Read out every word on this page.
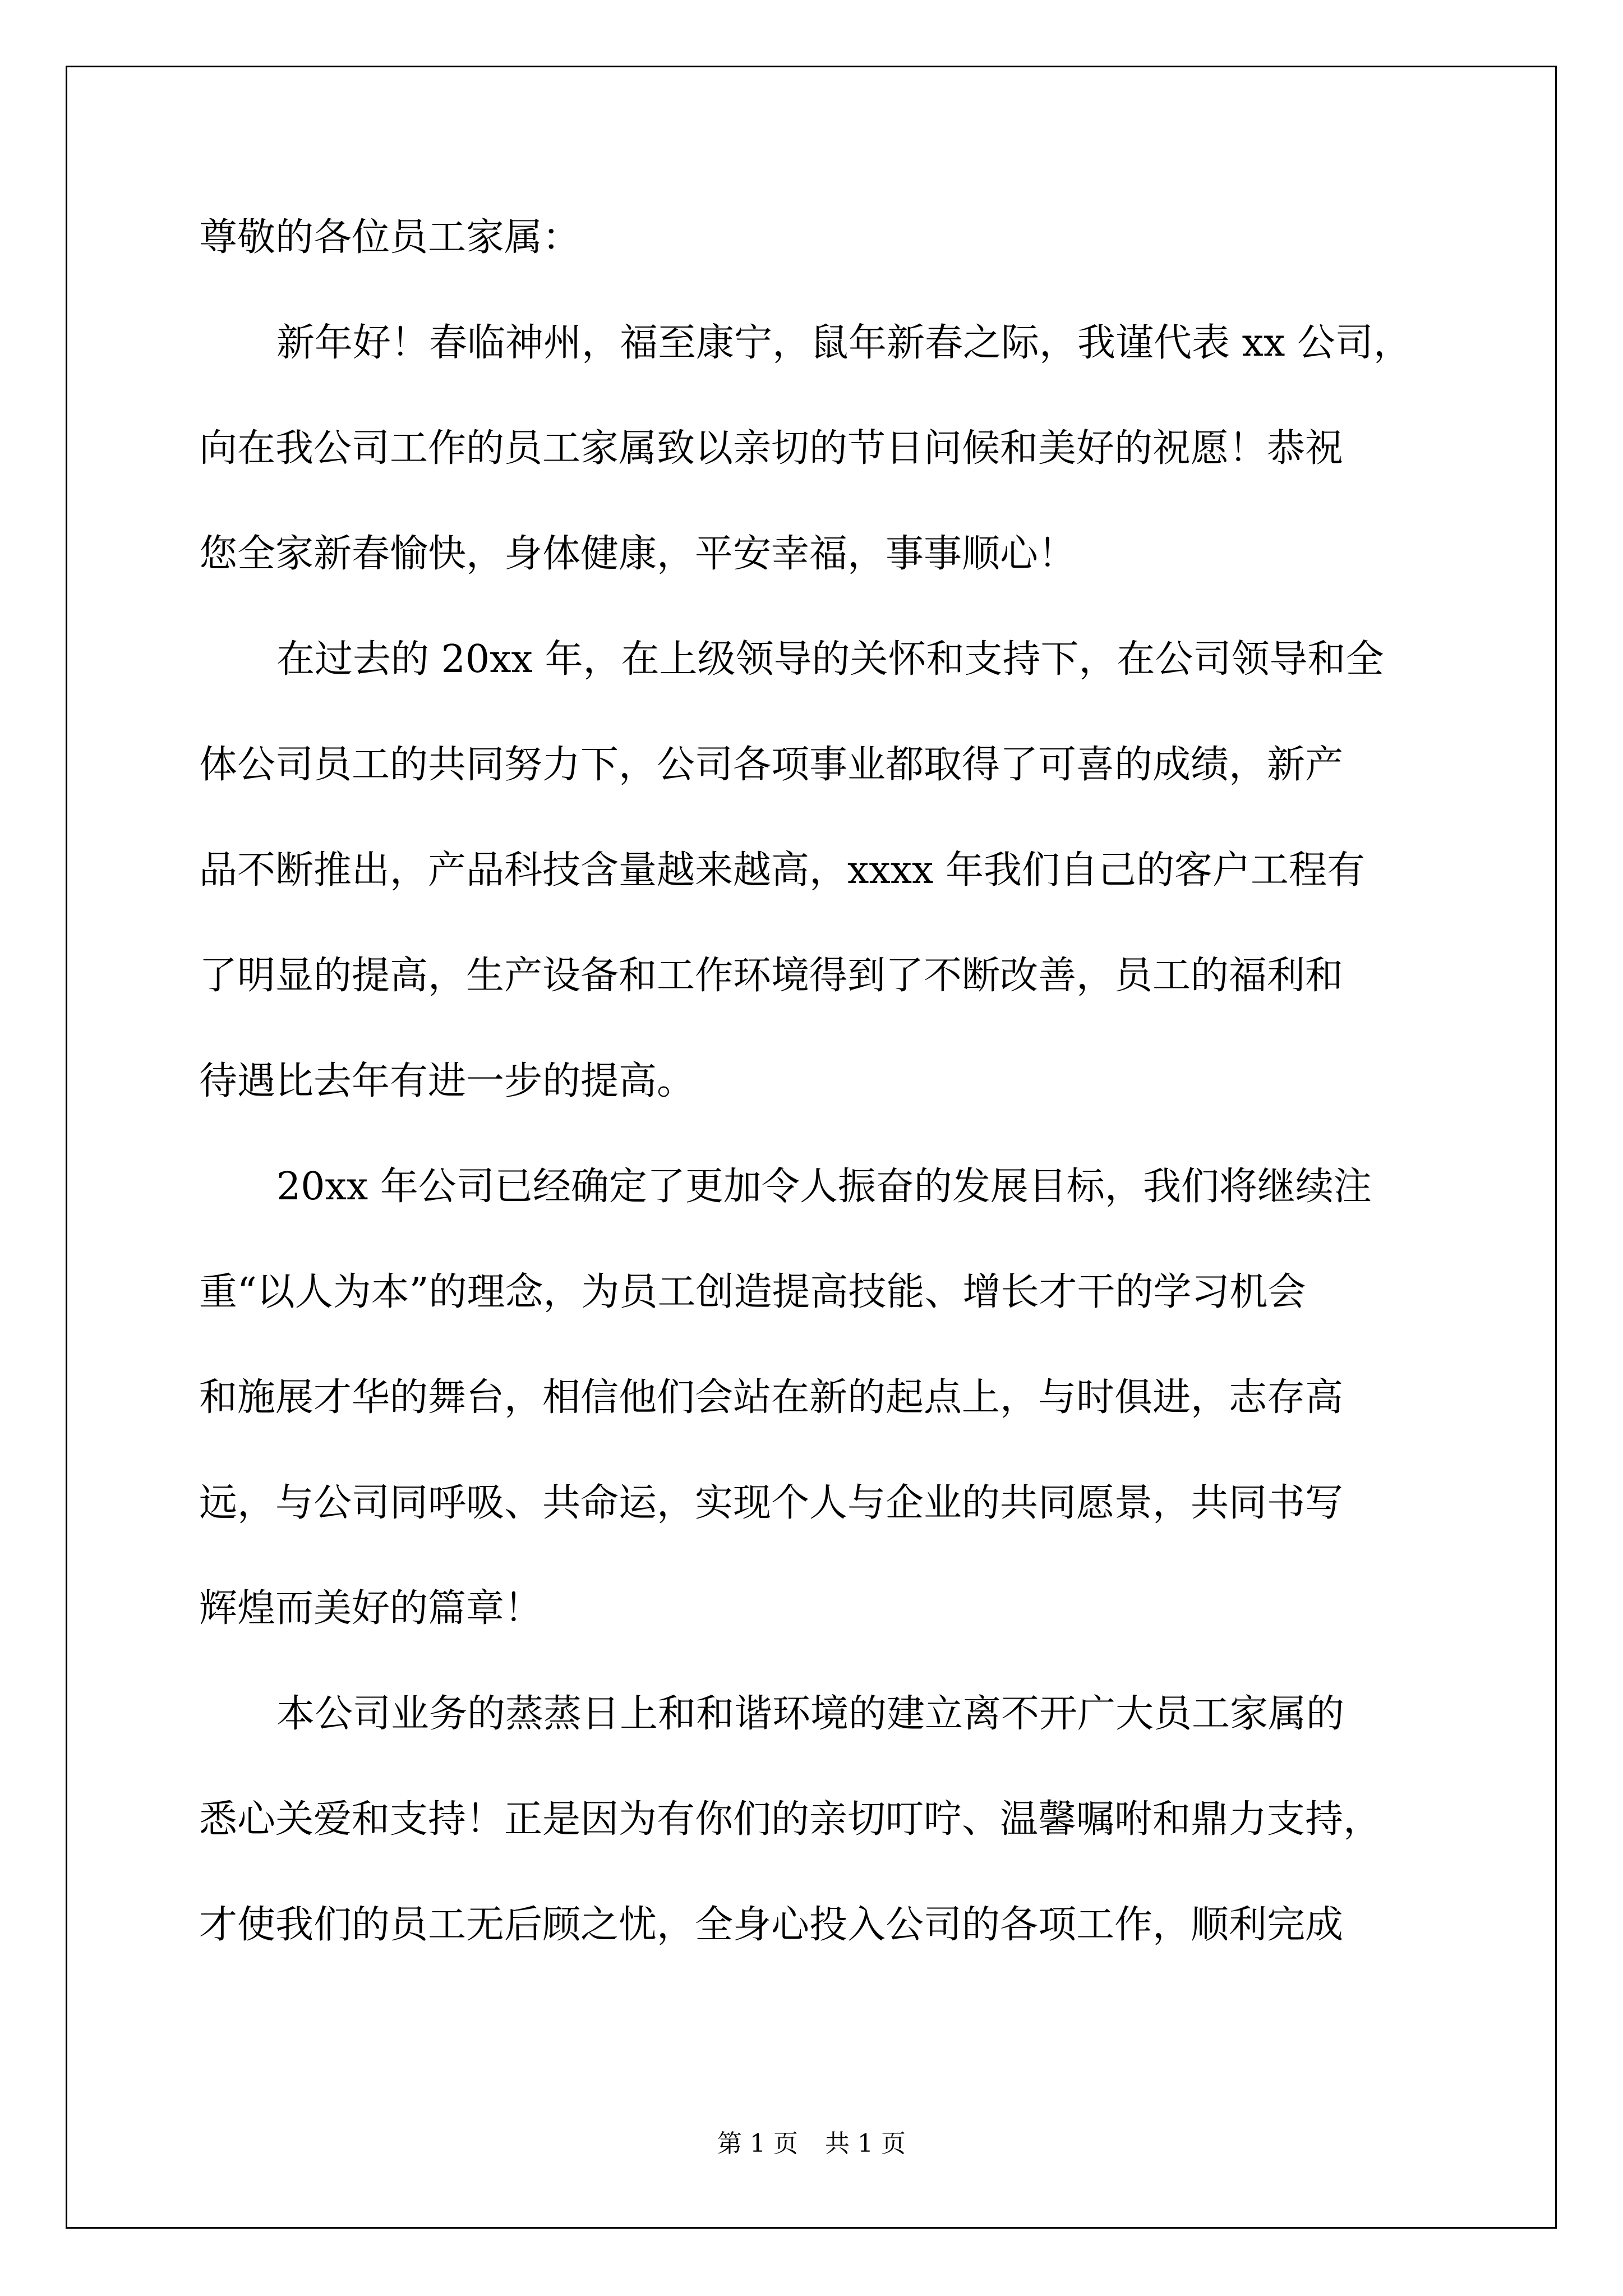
尊敬的各位员工家属：
新年好！春临神州，福至康宁，鼠年新春之际，我谨代表 xx 公司，
向在我公司工作的员工家属致以亲切的节日问候和美好的祝愿！恭祝
您全家新春愉快，身体健康，平安幸福，事事顺心！
在过去的 20xx 年，在上级领导的关怀和支持下，在公司领导和全
体公司员工的共同努力下，公司各项事业都取得了可喜的成绩，新产
品不断推出，产品科技含量越来越高，xxxx 年我们自己的客户工程有
了明显的提高，生产设备和工作环境得到了不断改善，员工的福利和
待遇比去年有进一步的提高。
20xx 年公司已经确定了更加令人振奋的发展目标，我们将继续注
重“以人为本”的理念，为员工创造提高技能、增长才干的学习机会
和施展才华的舞台，相信他们会站在新的起点上，与时俱进，志存高
远，与公司同呼吸、共命运，实现个人与企业的共同愿景，共同书写
辉煌而美好的篇章！
本公司业务的蒸蒸日上和和谐环境的建立离不开广大员工家属的
悉心关爱和支持！正是因为有你们的亲切叮咛、温馨嘱咐和鼎力支持，
才使我们的员工无后顾之忧，全身心投入公司的各项工作，顺利完成
第 1 页 共 1 页
